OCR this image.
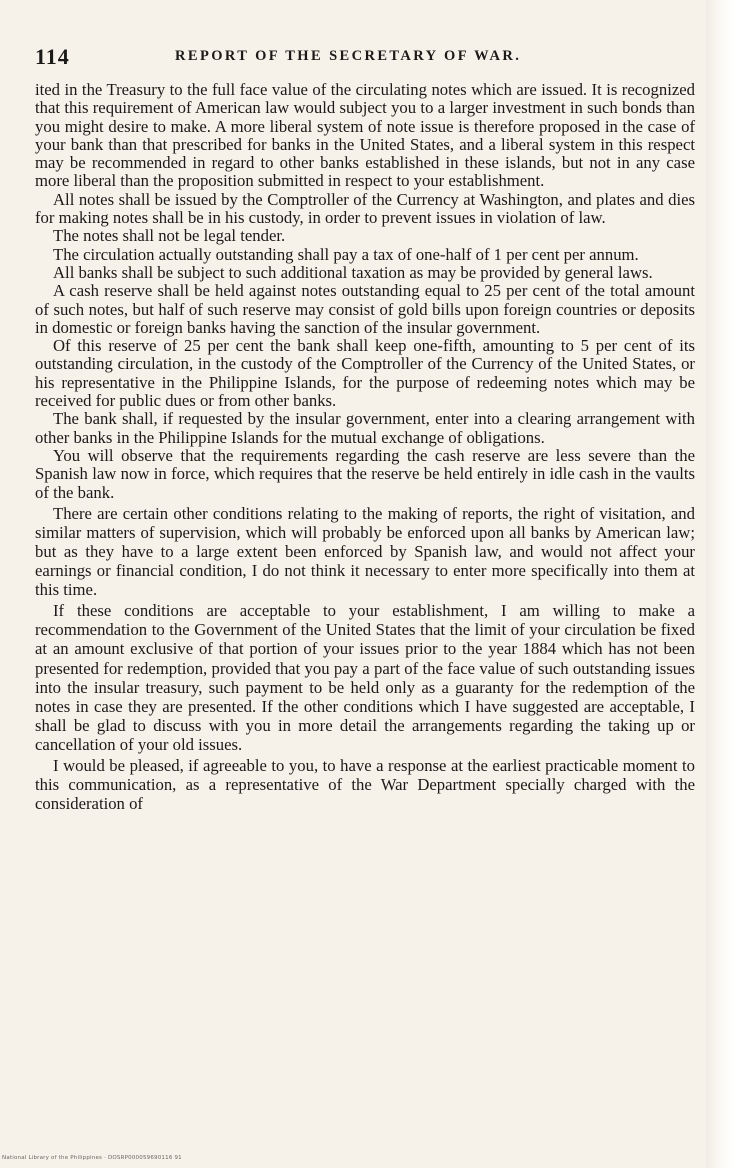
114	REPORT OF THE SECRETARY OF WAR.

ited in the Treasury to the full face value of the circulating notes which are issued. It is recognized that this requirement of American law would subject you to a larger investment in such bonds than you might desire to make. A more liberal system of note issue is therefore proposed in the case of your bank than that prescribed for banks in the United States, and a liberal system in this respect may be recommended in regard to other banks established in these islands, but not in any case more liberal than the proposition submitted in respect to your establishment.

All notes shall be issued by the Comptroller of the Currency at Washington, and plates and dies for making notes shall be in his custody, in order to prevent issues in violation of law.

The notes shall not be legal tender.

The circulation actually outstanding shall pay a tax of one-half of 1 per cent per annum.

All banks shall be subject to such additional taxation as may be provided by general laws.

A cash reserve shall be held against notes outstanding equal to 25 per cent of the total amount of such notes, but half of such reserve may consist of gold bills upon foreign countries or deposits in domestic or foreign banks having the sanction of the insular government.

Of this reserve of 25 per cent the bank shall keep one-fifth, amounting to 5 per cent of its outstanding circulation, in the custody of the Comptroller of the Currency of the United States, or his representative in the Philippine Islands, for the purpose of redeeming notes which may be received for public dues or from other banks.

The bank shall, if requested by the insular government, enter into a clearing arrangement with other banks in the Philippine Islands for the mutual exchange of obligations.

You will observe that the requirements regarding the cash reserve are less severe than the Spanish law now in force, which requires that the reserve be held entirely in idle cash in the vaults of the bank.

There are certain other conditions relating to the making of reports, the right of visitation, and similar matters of supervision, which will probably be enforced upon all banks by American law; but as they have to a large extent been enforced by Spanish law, and would not affect your earnings or financial condition, I do not think it necessary to enter more specifically into them at this time.

If these conditions are acceptable to your establishment, I am willing to make a recommendation to the Government of the United States that the limit of your circulation be fixed at an amount exclusive of that portion of your issues prior to the year 1884 which has not been presented for redemption, provided that you pay a part of the face value of such outstanding issues into the insular treasury, such payment to be held only as a guaranty for the redemption of the notes in case they are presented. If the other conditions which I have suggested are acceptable, I shall be glad to discuss with you in more detail the arrangements regarding the taking up or cancellation of your old issues.

I would be pleased, if agreeable to you, to have a response at the earliest practicable moment to this communication, as a representative of the War Department specially charged with the consideration of

National Library of the Philippines · DOSRP000059690116 91
